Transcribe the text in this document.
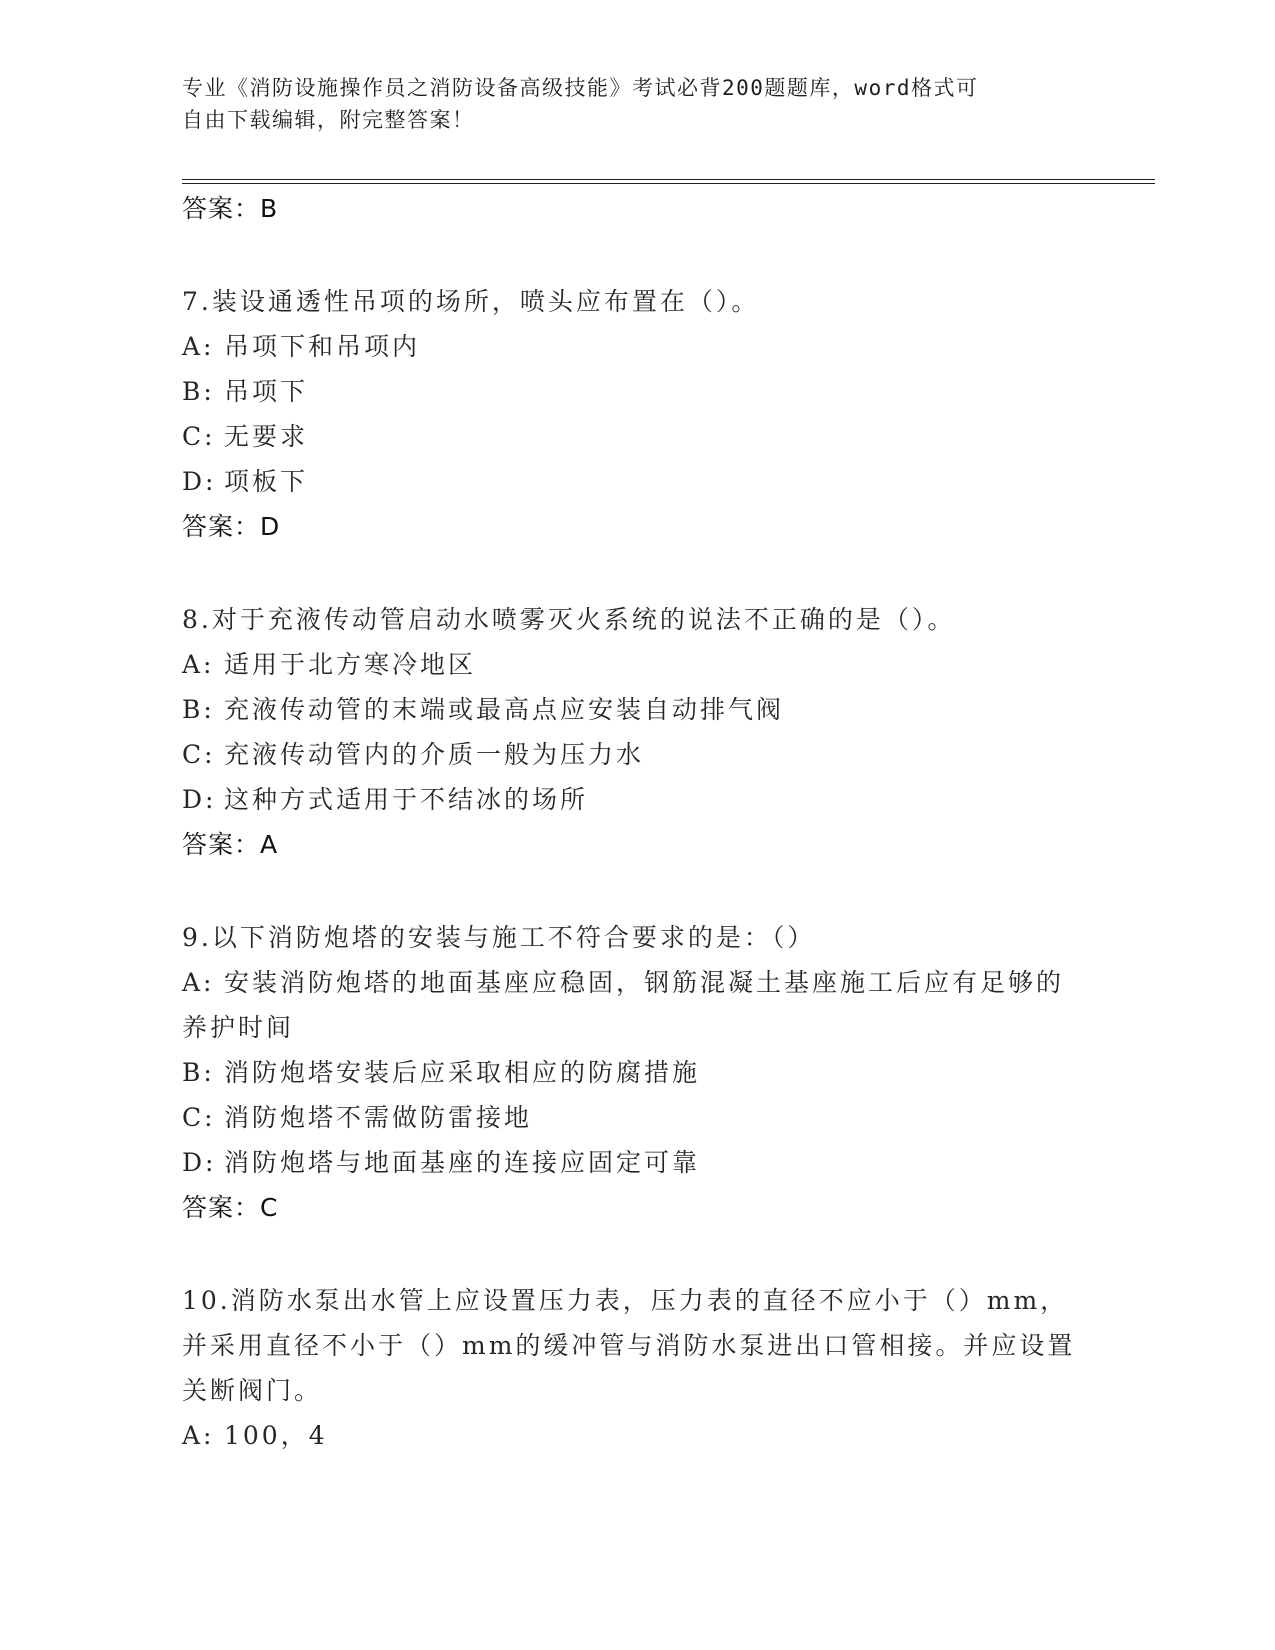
专业《消防设施操作员之消防设备高级技能》考试必背200题题库，word格式可
自由下载编辑，附完整答案！
答案：B
7.装设通透性吊项的场所，喷头应布置在（）。
A: 吊项下和吊项内
B: 吊项下
C: 无要求
D: 项板下
答案：D
8.对于充液传动管启动水喷雾灭火系统的说法不正确的是（）。
A: 适用于北方寒冷地区
B: 充液传动管的末端或最高点应安装自动排气阀
C: 充液传动管内的介质一般为压力水
D: 这种方式适用于不结冰的场所
答案：A
9.以下消防炮塔的安装与施工不符合要求的是：（）
A: 安装消防炮塔的地面基座应稳固，钢筋混凝土基座施工后应有足够的养护时间
B: 消防炮塔安装后应采取相应的防腐措施
C: 消防炮塔不需做防雷接地
D: 消防炮塔与地面基座的连接应固定可靠
答案：C
10.消防水泵出水管上应设置压力表，压力表的直径不应小于（）mm，并采用直径不小于（）mm的缓冲管与消防水泵进出口管相接。并应设置关断阀门。
A: 100，4
